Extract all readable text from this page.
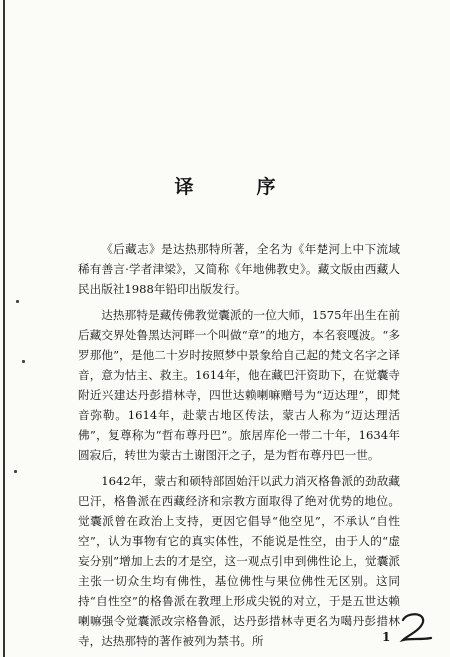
译　序

《后藏志》是达热那特所著，全名为《年楚河上中下流域稀有善言·学者津梁》，又简称《年地佛教史》。藏文版由西藏人民出版社1988年铅印出版发行。

达热那特是藏传佛教觉囊派的一位大师，1575年出生在前后藏交界处鲁黑达河畔一个叫做“章”的地方，本名衮嘎波。“多罗那他”，是他二十岁时按照梦中景象给自己起的梵文名字之译音，意为怙主、救主。1614年，他在藏巴汗资助下，在觉囊寺附近兴建达丹彭措林寺，四世达赖喇嘛赠号为“迈达理”，即梵音弥勒。1614年，赴蒙古地区传法，蒙古人称为“迈达理活佛”，复尊称为“哲布尊丹巴”。旅居库伦一带二十年，1634年圆寂后，转世为蒙古土谢图汗之子，是为哲布尊丹巴一世。

1642年，蒙古和硕特部固始汗以武力消灭格鲁派的劲敌藏巴汗，格鲁派在西藏经济和宗教方面取得了绝对优势的地位。觉囊派曾在政治上支持，更因它倡导“他空见”，不承认“自性空”，认为事物有它的真实体性，不能说是性空，由于人的“虚妄分别”增加上去的才是空，这一观点引申到佛性论上，觉囊派主张一切众生均有佛性，基位佛性与果位佛性无区别。这同持“自性空”的格鲁派在教理上形成尖锐的对立，于是五世达赖喇嘛强令觉囊派改宗格鲁派，达丹彭措林寺更名为噶丹彭措林寺，达热那特的著作被列为禁书。所	1
